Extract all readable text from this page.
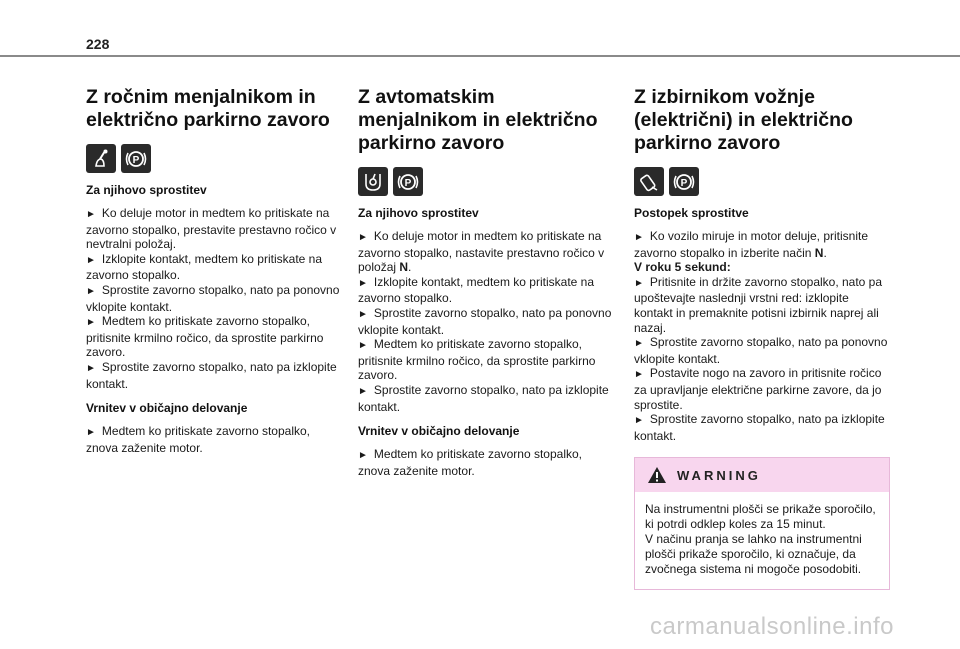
228
Z ročnim menjalnikom in električno parkirno zavoro
P
Za njihovo sprostitev
► Ko deluje motor in medtem ko pritiskate na zavorno stopalko, prestavite prestavno ročico v nevtralni položaj.
► Izklopite kontakt, medtem ko pritiskate na zavorno stopalko.
► Sprostite zavorno stopalko, nato pa ponovno vklopite kontakt.
► Medtem ko pritiskate zavorno stopalko, pritisnite krmilno ročico, da sprostite parkirno zavoro.
► Sprostite zavorno stopalko, nato pa izklopite kontakt.
Vrnitev v običajno delovanje
► Medtem ko pritiskate zavorno stopalko, znova zaženite motor.
Z avtomatskim menjalnikom in električno parkirno zavoro
P
Za njihovo sprostitev
► Ko deluje motor in medtem ko pritiskate na zavorno stopalko, nastavite prestavno ročico v položaj N.
► Izklopite kontakt, medtem ko pritiskate na zavorno stopalko.
► Sprostite zavorno stopalko, nato pa ponovno vklopite kontakt.
► Medtem ko pritiskate zavorno stopalko, pritisnite krmilno ročico, da sprostite parkirno zavoro.
► Sprostite zavorno stopalko, nato pa izklopite kontakt.
Vrnitev v običajno delovanje
► Medtem ko pritiskate zavorno stopalko, znova zaženite motor.
Z izbirnikom vožnje (električni) in električno parkirno zavoro
P
Postopek sprostitve
► Ko vozilo miruje in motor deluje, pritisnite zavorno stopalko in izberite način N.
V roku 5 sekund:
► Pritisnite in držite zavorno stopalko, nato pa upoštevajte naslednji vrstni red: izklopite kontakt in premaknite potisni izbirnik naprej ali nazaj.
► Sprostite zavorno stopalko, nato pa ponovno vklopite kontakt.
► Postavite nogo na zavoro in pritisnite ročico za upravljanje električne parkirne zavore, da jo sprostite.
► Sprostite zavorno stopalko, nato pa izklopite kontakt.
WARNING
Na instrumentni plošči se prikaže sporočilo, ki potrdi odklep koles za 15 minut.
V načinu pranja se lahko na instrumentni plošči prikaže sporočilo, ki označuje, da zvočnega sistema ni mogoče posodobiti.
carmanualsonline.info
